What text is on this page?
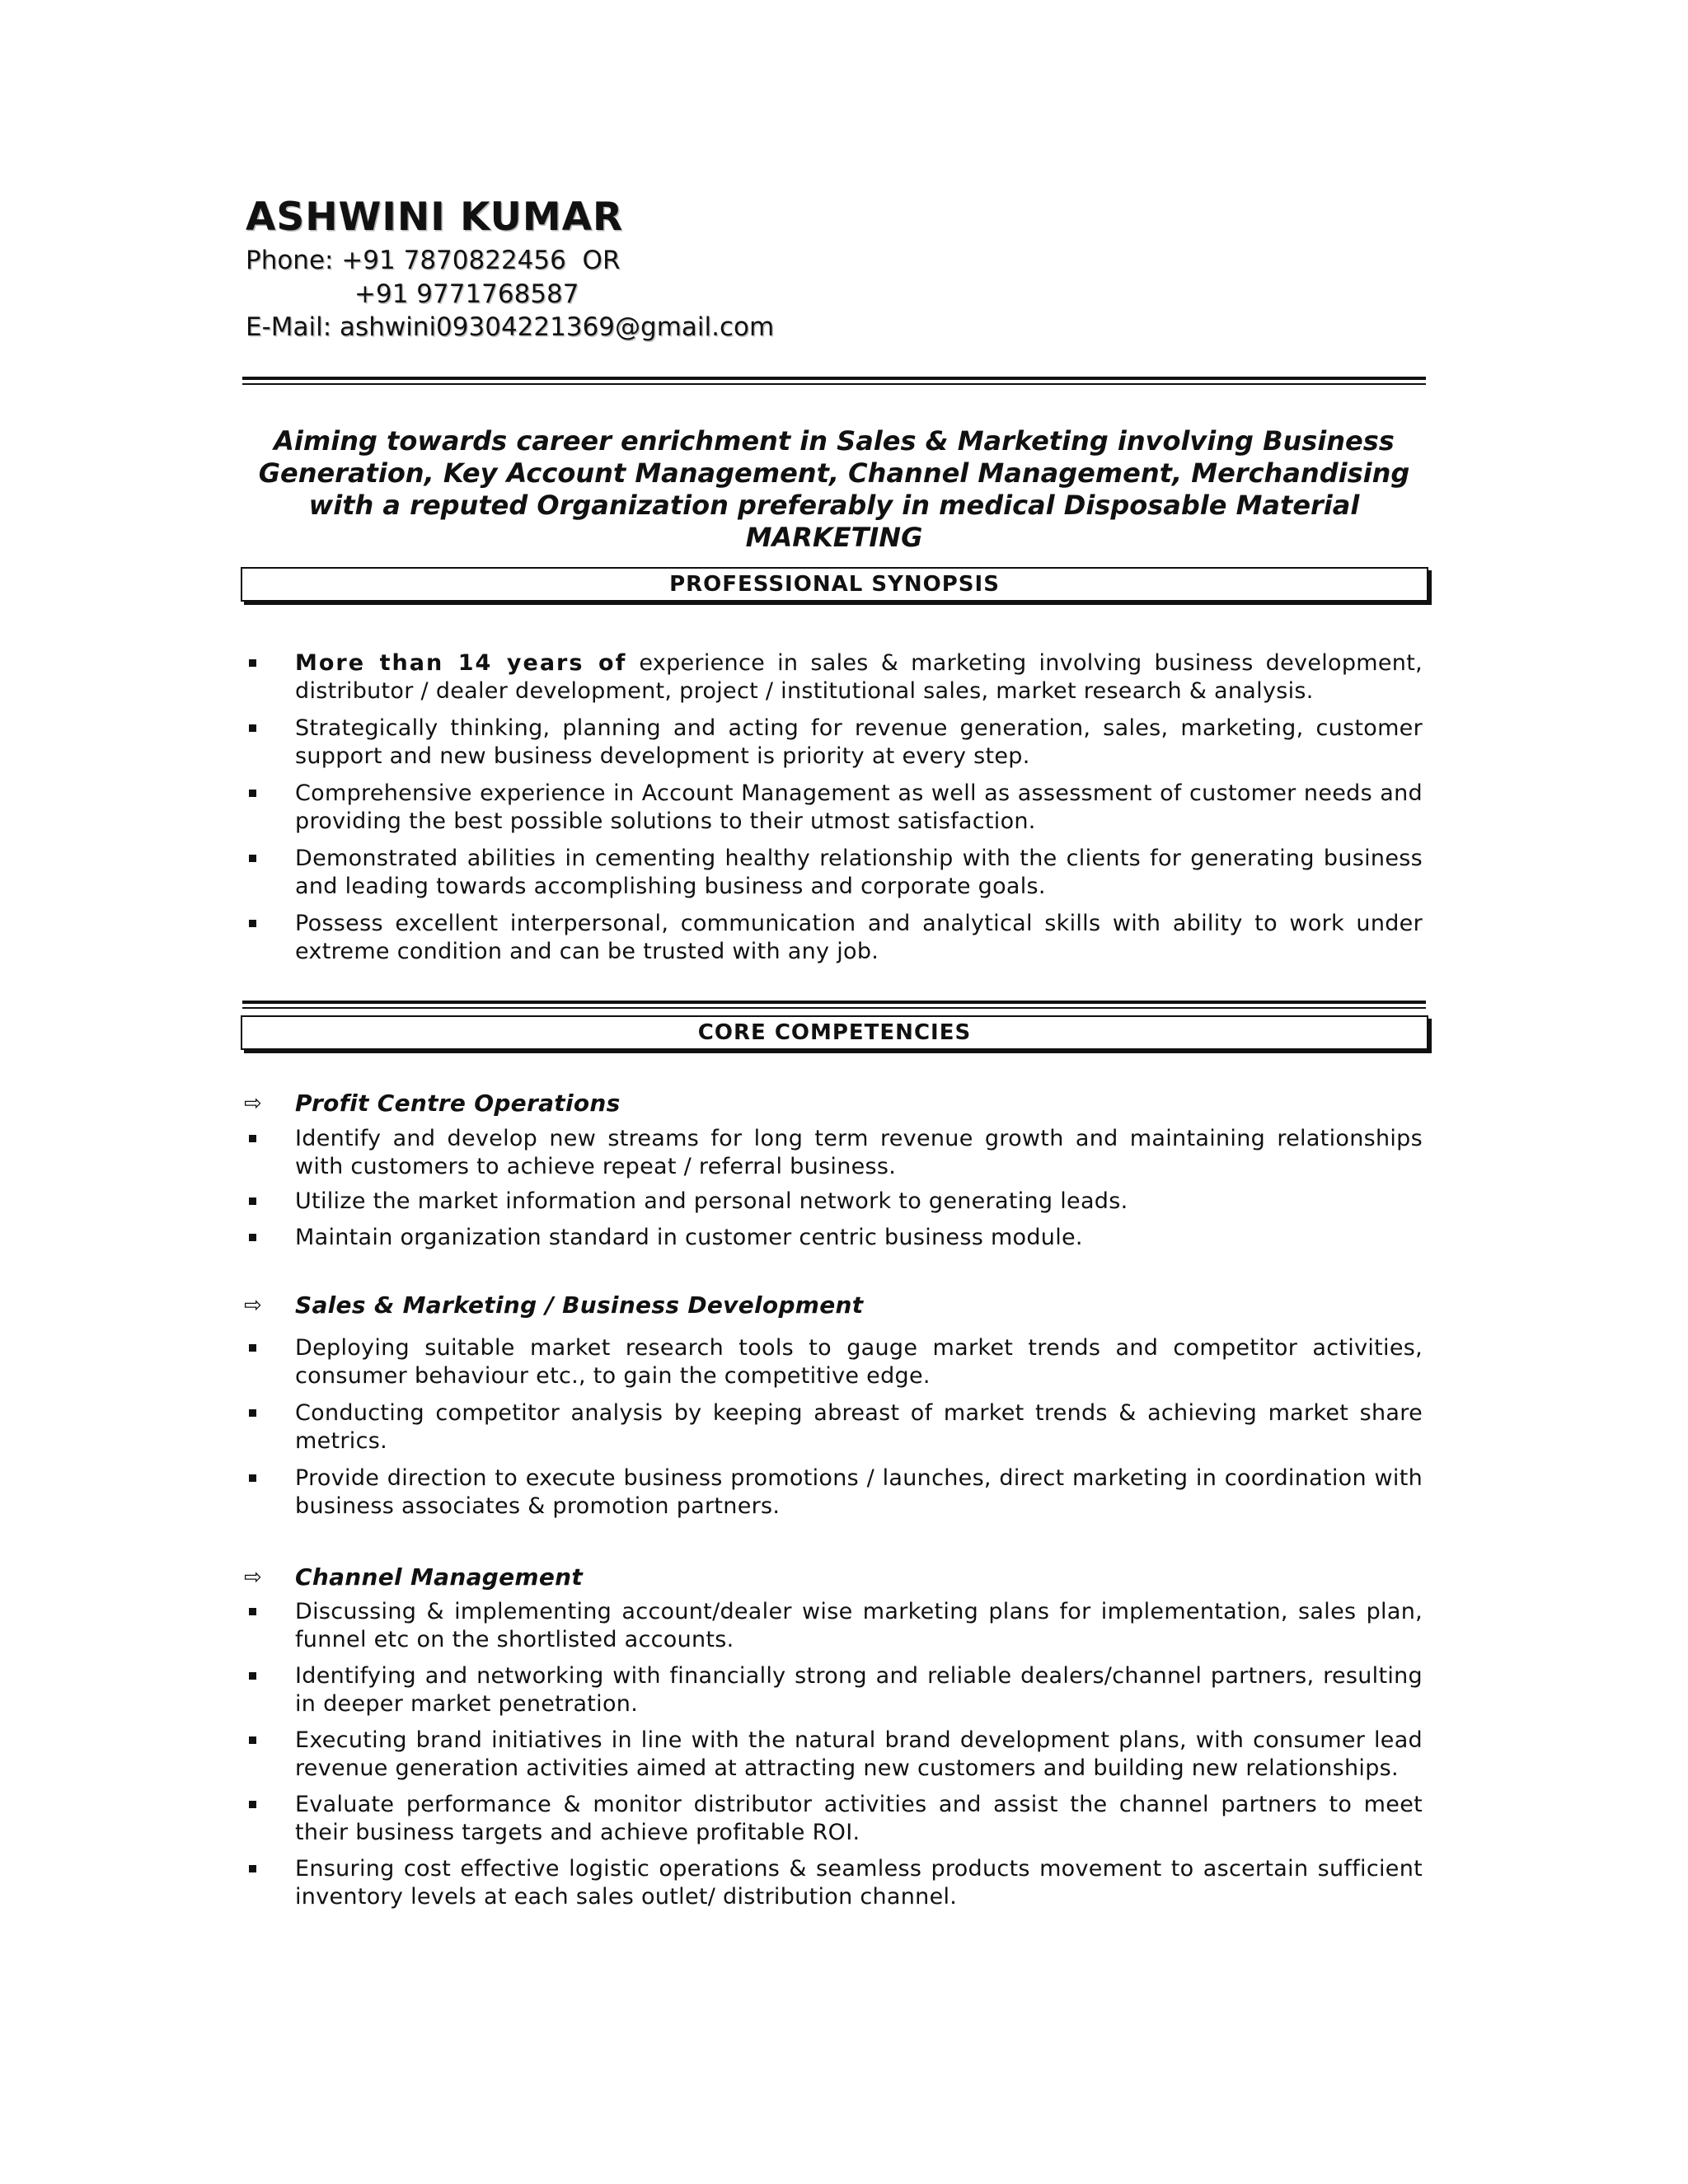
ASHWINI KUMAR
Phone: +91 7870822456  OR
+91 9771768587
E-Mail: ashwini09304221369@gmail.com
Aiming towards career enrichment in Sales & Marketing involving Business
Generation, Key Account Management, Channel Management, Merchandising
with a reputed Organization preferably in medical Disposable Material
MARKETING
PROFESSIONAL SYNOPSIS
More than 14 years of experience in sales & marketing involving business development, distributor / dealer development, project / institutional sales, market research & analysis.
Strategically thinking, planning and acting for revenue generation, sales, marketing, customer support and new business development is priority at every step.
Comprehensive experience in Account Management as well as assessment of customer needs and providing the best possible solutions to their utmost satisfaction.
Demonstrated abilities in cementing healthy relationship with the clients for generating business and leading towards accomplishing business and corporate goals.
Possess excellent interpersonal, communication and analytical skills with ability to work under extreme condition and can be trusted with any job.
CORE COMPETENCIES
⇨ Profit Centre Operations
Identify and develop new streams for long term revenue growth and maintaining relationships with customers to achieve repeat / referral business.
Utilize the market information and personal network to generating leads.
Maintain organization standard in customer centric business module.
⇨ Sales & Marketing / Business Development
Deploying suitable market research tools to gauge market trends and competitor activities, consumer behaviour etc., to gain the competitive edge.
Conducting competitor analysis by keeping abreast of market trends & achieving market share metrics.
Provide direction to execute business promotions / launches, direct marketing in coordination with business associates & promotion partners.
⇨ Channel Management
Discussing & implementing account/dealer wise marketing plans for implementation, sales plan, funnel etc on the shortlisted accounts.
Identifying and networking with financially strong and reliable dealers/channel partners, resulting in deeper market penetration.
Executing brand initiatives in line with the natural brand development plans, with consumer lead revenue generation activities aimed at attracting new customers and building new relationships.
Evaluate performance & monitor distributor activities and assist the channel partners to meet their business targets and achieve profitable ROI.
Ensuring cost effective logistic operations & seamless products movement to ascertain sufficient inventory levels at each sales outlet/ distribution channel.
